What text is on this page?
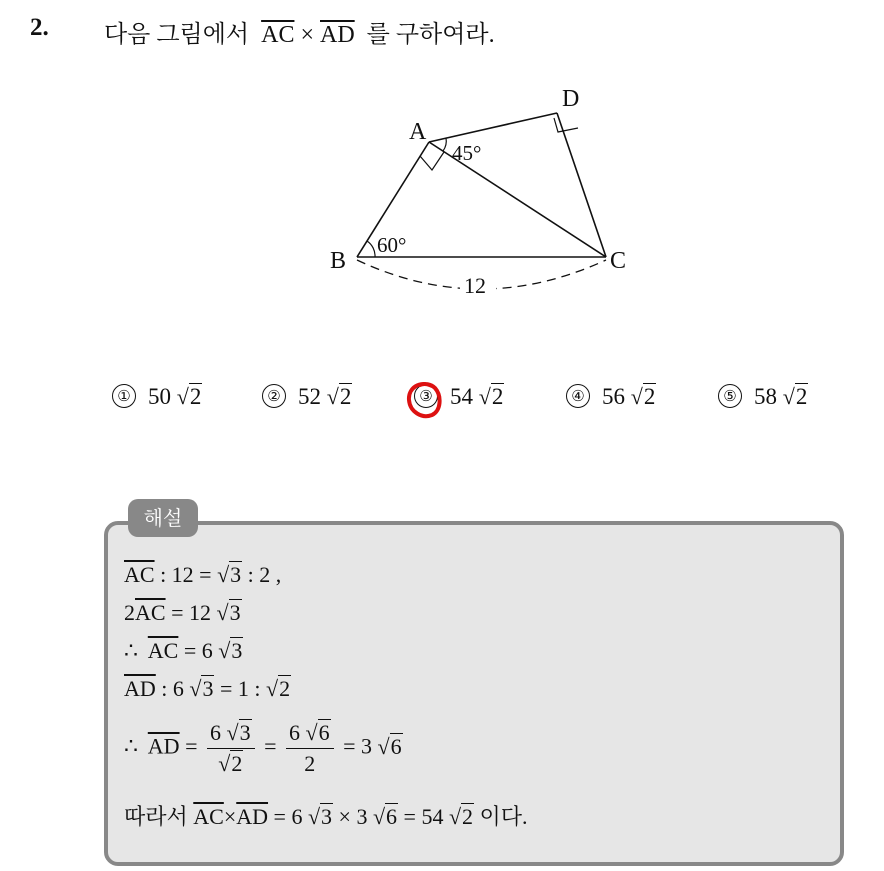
2. 다음 그림에서 $\overline{AC} \times \overline{AD}$ 를 구하여라.
A
B	C
D
45°
60°
12
① 50 √2	② 52 √2	③ 54 √2	④ 56 √2	⑤ 58 √2
해설
$\overline{AC}$ : 12 = √3 : 2 ,
$2\overline{AC} = 12$ √3
∴ $\overline{AC} = 6$ √3
$\overline{AD}$ : 6 √3 = 1 : √2
∴ $\overline{AD} = \frac{6 √3}{√2} = \frac{6 √6}{2} = 3$ √6
따라서 $\overline{AC}\times\overline{AD} = 6$ √3 × 3 √6 = 54 √2 이다.
